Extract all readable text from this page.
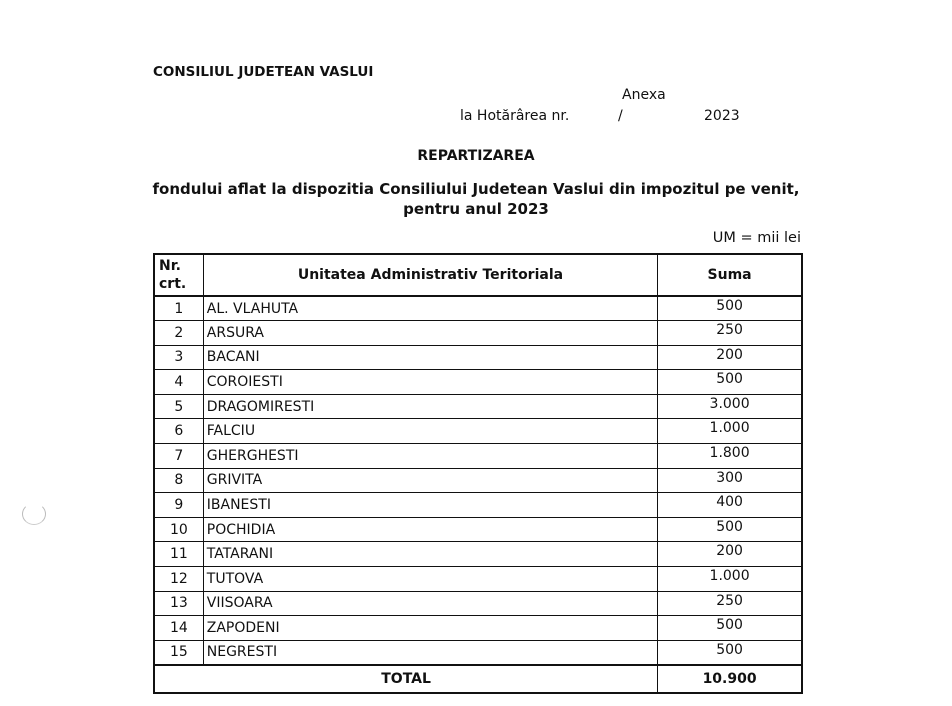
CONSILIUL JUDETEAN VASLUI
Anexa
la Hotărârea nr.	/	2023
REPARTIZAREA
fondului aflat la dispozitia Consiliului Judetean Vaslui din impozitul pe venit,
pentru anul 2023
UM = mii lei
Nr.
crt.	Unitatea Administrativ Teritoriala	Suma
1	AL. VLAHUTA	500
2	ARSURA	250
3	BACANI	200
4	COROIESTI	500
5	DRAGOMIRESTI	3.000
6	FALCIU	1.000
7	GHERGHESTI	1.800
8	GRIVITA	300
9	IBANESTI	400
10	POCHIDIA	500
11	TATARANI	200
12	TUTOVA	1.000
13	VIISOARA	250
14	ZAPODENI	500
15	NEGRESTI	500
TOTAL		10.900
